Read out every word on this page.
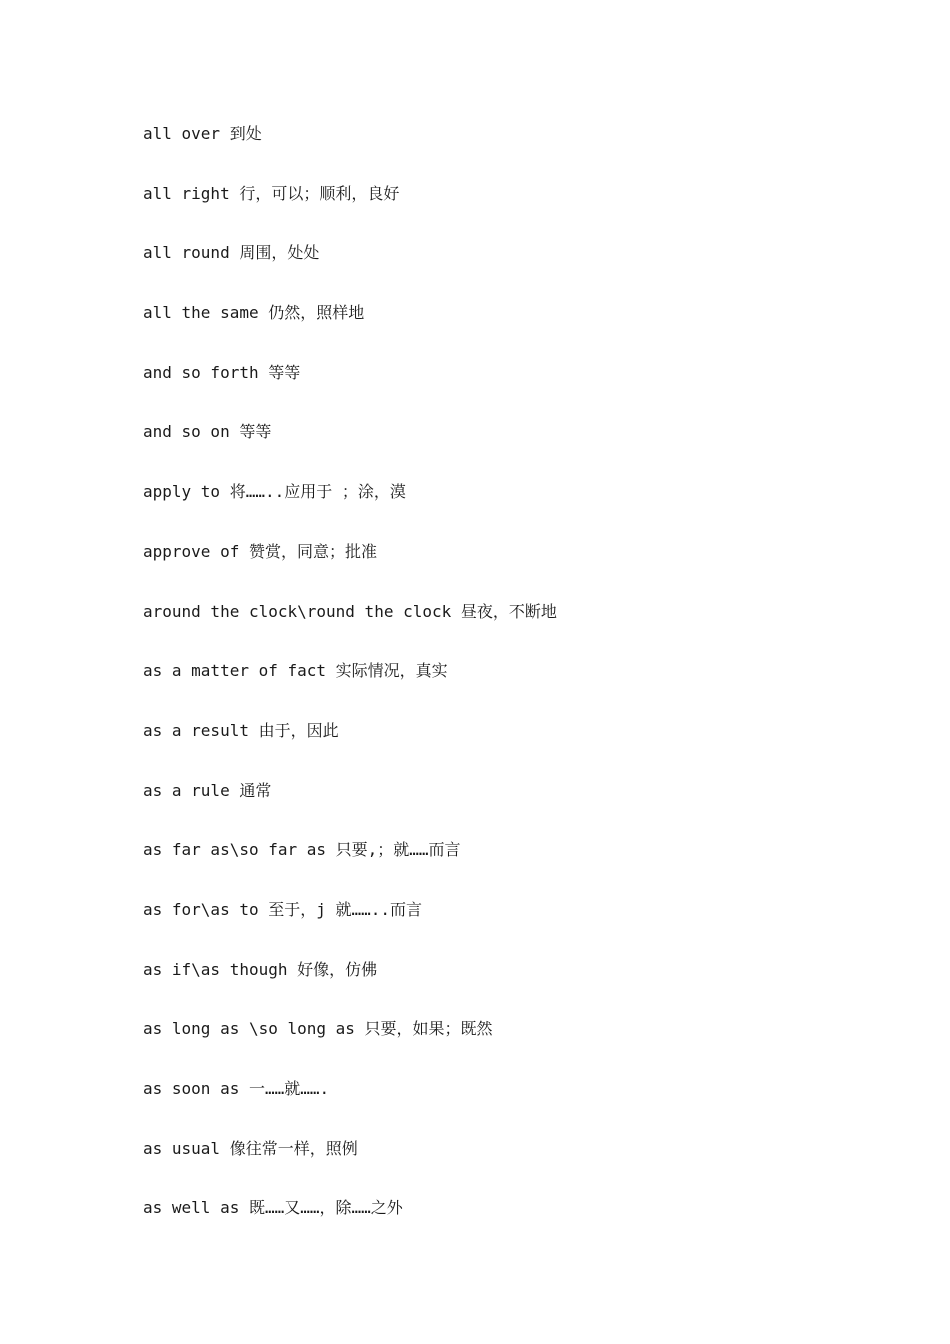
all over 到处
all right 行，可以；顺利，良好
all round 周围，处处
all the same 仍然，照样地
and so forth 等等
and so on 等等
apply to 将……..应用于 ；涂，漠
approve of 赞赏，同意；批准
around the clock\round the clock 昼夜，不断地
as a matter of fact 实际情况，真实
as a result 由于，因此
as a rule 通常
as far as\so far as 只要,；就……而言
as for\as to 至于，j 就……..而言
as if\as though 好像，仿佛
as long as \so long as 只要，如果；既然
as soon as 一……就…….
as usual 像往常一样，照例
as well as 既……又……，除……之外
